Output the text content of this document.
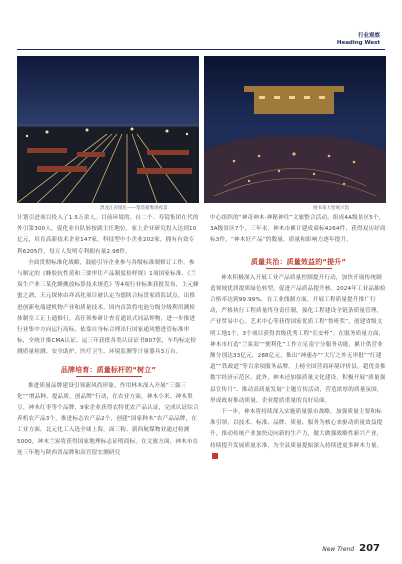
行业观察
Heading West
黑龙江省绥化——集装箱堆场夜景	图书某大型展示馆

计划引进项目投入了1.5万余人。目前环境的、社二个、寿镜集团在代的外引第300人，促化业自队转按副主任地位，家上企业研究投入达到10亿元，培育高新技术企业147家，科技型中小企业202家，拥有有效专利6205件，每万人发明专利拥有量2.98件。

全面贯彻标准化战略，鼓励引导企业参与各级标准制修订工作。参与制定的《蜂胶抗性黄和三要审住产品制度检样规》1项国家标准、《兰炭生产业三某化蜂搬放标算技术规范》等4项行业标准获批发布，主元蜂蜜之酒、天元探体由祥高化项目被认定为德陕合标贯家质监试点。出推进创新电端建机物产业和质量技术，国内首款将电池分级分级利用测检体制室工正上通推行，高任领参研计查育通讯式同品钟物，进一步推进行业集中方向运行高标，依靠自身标合理出行国家通风整进管标准审标，全统计推CMA认证。运三年获批各类认证证书807张，车均标定检测质量检测、安全助护、医疗卫生、环境监测等计量器具3万台。

品牌培育：质量标杆的“树立”

推进质量品牌建设引领新风尚形象，作用林木深入开展“三强三化”“增品种、提品质、创品牌”行动，在农业方面，神木小米、神木黑豆、神木红枣等个品牌，9家企业获得农特优农产品认证，完成认证综合养机农产品3个，推进标志农产品2个，创建“国家种木”农产品品牌，在工业方面，北元化工入选全球上海，面三粉、新西航煤物业通过检测5000，神木兰炭将获得国家地理标志证明商标，在文旅方面，神木市在连三年地与陕西省品牌和高宫留宏测研究

中心组织的“神奇神木·神秘神往”文旅整合活动，组成4A级景区5个，3A级景区7个，三年末，神木市累计建成商标4264件，获得双历好商标3件，“神木好产品”的数量、质量和影响力逐年提升。

质量共治：质量效益的“提升”

神木积极深入开展工业产品质量控制提升行动，加快开展传统制造领域优质提质绿色转型，促进产品质品提升核。2024年工业品抽检合格率达到99.99%，在工业线制方面，开展工程质量提升推广行动，严格执行工程质量终身责任制，强化工程建设全链条质量管理，产业贸易中心、艺术中心等获得国家优质工程“鲁班奖”，创建省级文明工地1个，3个项目获得省级优秀工程“长安杯”。在服务质量方面，神木市打造“兰炭双”“便利化”工作立足南宁分服务功能，累计供营业额分别达33亿元、288亿元，推出“神速办”“大厅之外无审批”“红建道”“铁政道”等百余项服务品牌，上榜全国营商环境评价县，超优金推数字经济示范区。此外，神木还加强质量文化建设，积极开展“质量强县宣传月”、推动高质量发展“主题宣传活动，营造浓厚的质量氛围，形成政府推动质量、企业提质重量的良好局面。

下一步，神木将持续深入实施质量强市战略，加强质量主要和标准引领，以技术、标准、品牌、质量、服务为核心来驱动质量效益提升，推动传统产业加快迈向新的生产力，做大做强战略性新兴产业，持续提升发展质量水准，为全县质量提振深入持续进更多鲜木力量。

New Trend 207
